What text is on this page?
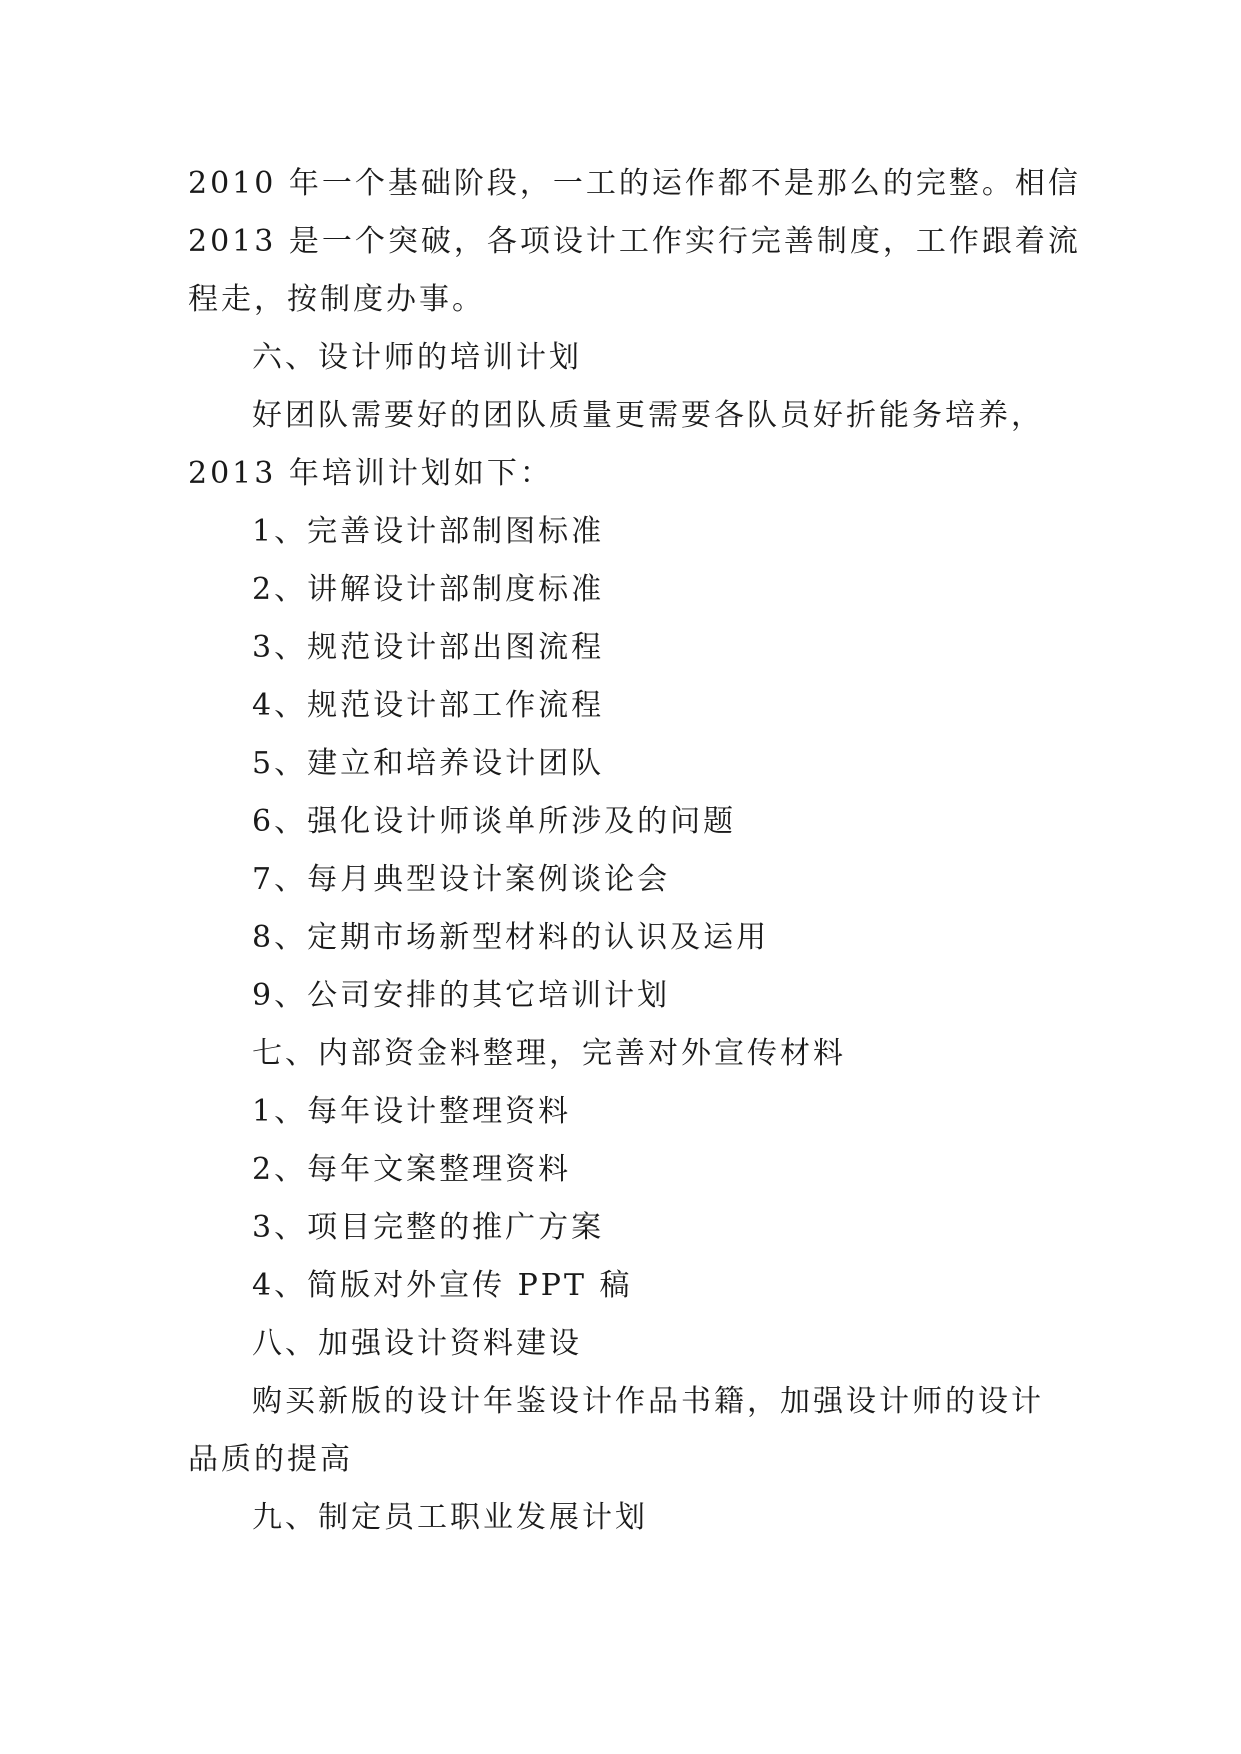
2010 年一个基础阶段，一工的运作都不是那么的完整。相信
2013 是一个突破，各项设计工作实行完善制度，工作跟着流
程走，按制度办事。
六、设计师的培训计划
好团队需要好的团队质量更需要各队员好折能务培养，
2013 年培训计划如下：
1、完善设计部制图标准
2、讲解设计部制度标准
3、规范设计部出图流程
4、规范设计部工作流程
5、建立和培养设计团队
6、强化设计师谈单所涉及的问题
7、每月典型设计案例谈论会
8、定期市场新型材料的认识及运用
9、公司安排的其它培训计划
七、内部资金料整理，完善对外宣传材料
1、每年设计整理资料
2、每年文案整理资料
3、项目完整的推广方案
4、简版对外宣传 PPT 稿
八、加强设计资料建设
购买新版的设计年鉴设计作品书籍，加强设计师的设计
品质的提高
九、制定员工职业发展计划
